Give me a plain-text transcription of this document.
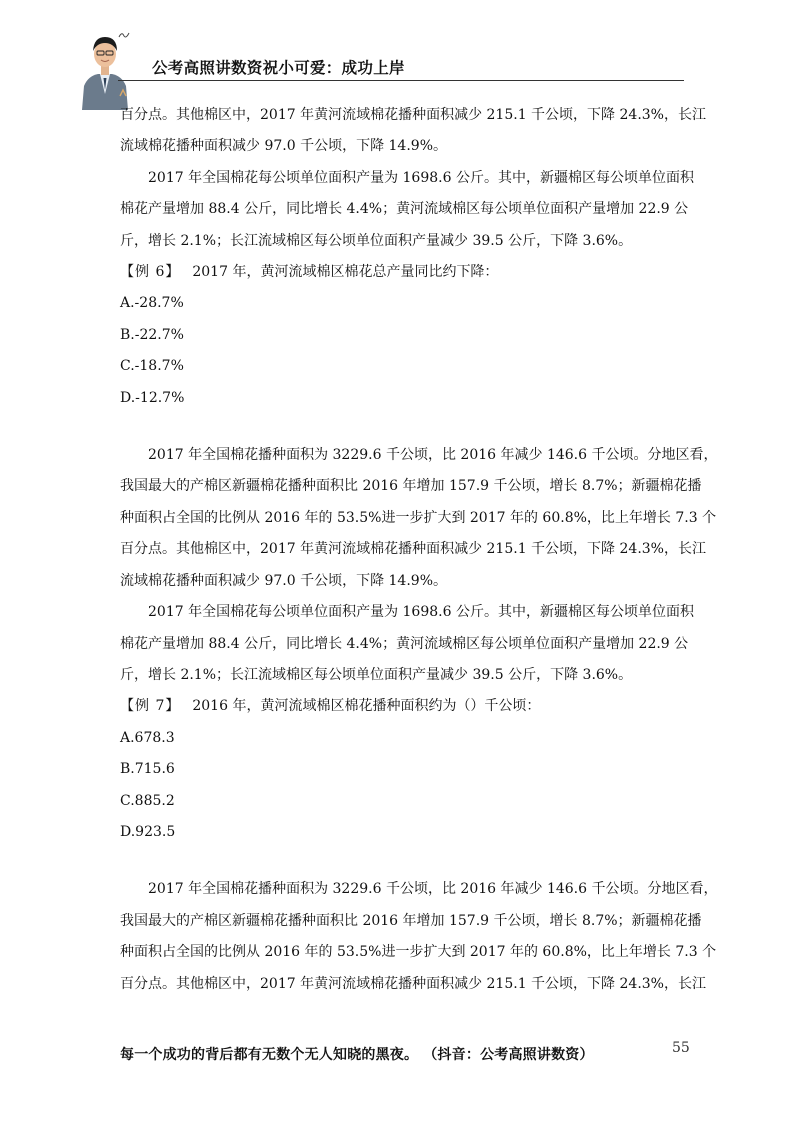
公考高照讲数资祝小可爱：成功上岸
百分点。其他棉区中，2017 年黄河流域棉花播种面积减少 215.1 千公顷，下降 24.3%，长江
流域棉花播种面积减少 97.0 千公顷，下降 14.9%。
2017 年全国棉花每公顷单位面积产量为 1698.6 公斤。其中，新疆棉区每公顷单位面积
棉花产量增加 88.4 公斤，同比增长 4.4%；黄河流域棉区每公顷单位面积产量增加 22.9 公
斤，增长 2.1%；长江流域棉区每公顷单位面积产量减少 39.5 公斤，下降 3.6%。
【例 6】 2017 年，黄河流域棉区棉花总产量同比约下降：
A.-28.7%
B.-22.7%
C.-18.7%
D.-12.7%
2017 年全国棉花播种面积为 3229.6 千公顷，比 2016 年减少 146.6 千公顷。分地区看，
我国最大的产棉区新疆棉花播种面积比 2016 年增加 157.9 千公顷，增长 8.7%；新疆棉花播
种面积占全国的比例从 2016 年的 53.5%进一步扩大到 2017 年的 60.8%，比上年增长 7.3 个
百分点。其他棉区中，2017 年黄河流域棉花播种面积减少 215.1 千公顷，下降 24.3%，长江
流域棉花播种面积减少 97.0 千公顷，下降 14.9%。
2017 年全国棉花每公顷单位面积产量为 1698.6 公斤。其中，新疆棉区每公顷单位面积
棉花产量增加 88.4 公斤，同比增长 4.4%；黄河流域棉区每公顷单位面积产量增加 22.9 公
斤，增长 2.1%；长江流域棉区每公顷单位面积产量减少 39.5 公斤，下降 3.6%。
【例 7】 2016 年，黄河流域棉区棉花播种面积约为（）千公顷：
A.678.3
B.715.6
C.885.2
D.923.5
2017 年全国棉花播种面积为 3229.6 千公顷，比 2016 年减少 146.6 千公顷。分地区看，
我国最大的产棉区新疆棉花播种面积比 2016 年增加 157.9 千公顷，增长 8.7%；新疆棉花播
种面积占全国的比例从 2016 年的 53.5%进一步扩大到 2017 年的 60.8%，比上年增长 7.3 个
百分点。其他棉区中，2017 年黄河流域棉花播种面积减少 215.1 千公顷，下降 24.3%，长江
每一个成功的背后都有无数个无人知晓的黑夜。 （抖音：公考高照讲数资）	55
